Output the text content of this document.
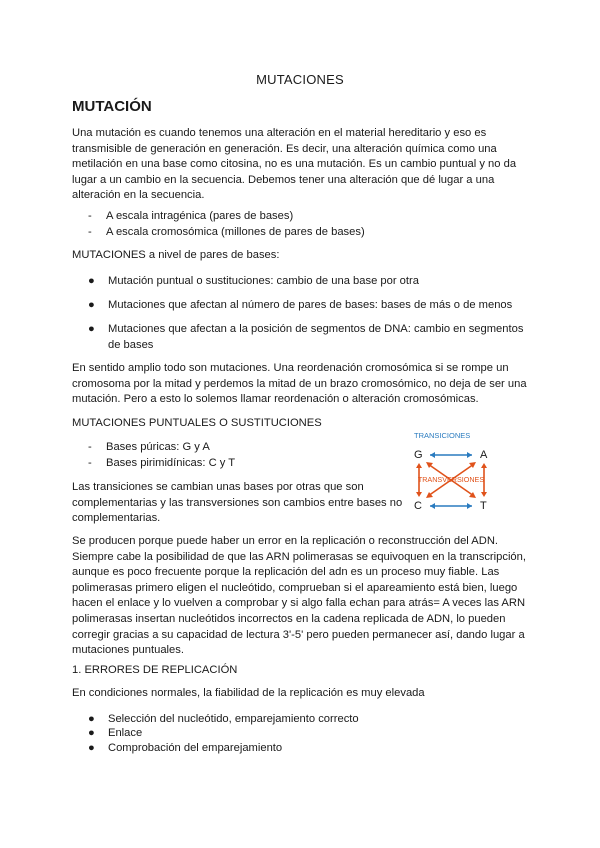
MUTACIONES
MUTACIÓN
Una mutación es cuando tenemos una alteración en el material hereditario y eso es transmisible de generación en generación. Es decir, una alteración química como una metilación en una base como citosina, no es una mutación. Es un cambio puntual y no da lugar a un cambio en la secuencia. Debemos tener una alteración que dé lugar a una alteración en la secuencia.
- A escala intragénica (pares de bases)
- A escala cromosómica (millones de pares de bases)
MUTACIONES a nivel de pares de bases:
●	Mutación puntual o sustituciones: cambio de una base por otra
●	Mutaciones que afectan al número de pares de bases: bases de más o de menos
●	Mutaciones que afectan a la posición de segmentos de DNA: cambio en segmentos de bases
En sentido amplio todo son mutaciones. Una reordenación cromosómica si se rompe un cromosoma por la mitad y perdemos la mitad de un brazo cromosómico, no deja de ser una mutación. Pero a esto lo solemos llamar reordenación o alteración cromosómicas.
MUTACIONES PUNTUALES O SUSTITUCIONES
- Bases púricas: G y A
- Bases pirimidínicas: C y T
Las transiciones se cambian unas bases por otras que son complementarias y las transversiones son cambios entre bases no complementarias.
TRANSICIONES
G	A
C	T
TRANSVERSIONES
Se producen porque puede haber un error en la replicación o reconstrucción del ADN. Siempre cabe la posibilidad de que las ARN polimerasas se equivoquen en la transcripción, aunque es poco frecuente porque la replicación del adn es un proceso muy fiable. Las polimerasas primero eligen el nucleótido, comprueban si el apareamiento está bien, luego hacen el enlace y lo vuelven a comprobar y si algo falla echan para atrás= A veces las ARN polimerasas insertan nucleótidos incorrectos en la cadena replicada de ADN, lo pueden corregir gracias a su capacidad de lectura 3'-5' pero pueden permanecer así, dando lugar a mutaciones puntuales.
1. ERRORES DE REPLICACIÓN
En condiciones normales, la fiabilidad de la replicación es muy elevada
●	Selección del nucleótido, emparejamiento correcto
●	Enlace
●	Comprobación del emparejamiento
